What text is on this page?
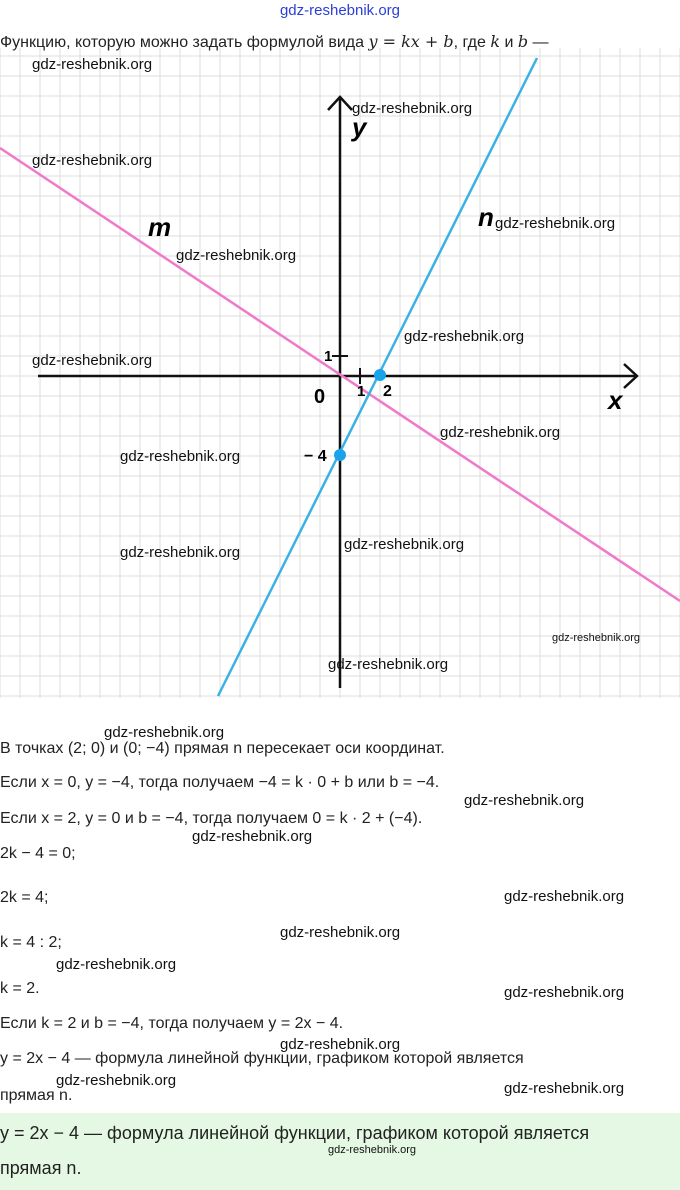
gdz-reshebnik.org
Функцию, которую можно задать формулой вида y = kx + b, где k и b —
y
x
0 1
1
2
− 4
m	n
В точках (2; 0) и (0; −4) прямая n пересекает оси координат.
Если x = 0, y = −4, тогда получаем −4 = k · 0 + b или b = −4.
Если x = 2, y = 0 и b = −4, тогда получаем 0 = k · 2 + (−4).
2k − 4 = 0;
2k = 4;
k = 4 : 2;
k = 2.
Если k = 2 и b = −4, тогда получаем y = 2x − 4.
y = 2x − 4 — формула линейной функции, графиком которой является
прямая n.
y = 2x − 4 — формула линейной функции, графиком которой является
прямая n.
gdz-reshebnik.org
gdz-reshebnik.org
gdz-reshebnik.org
gdz-reshebnik.org
gdz-reshebnik.org
gdz-reshebnik.org
gdz-reshebnik.org
gdz-reshebnik.org
gdz-reshebnik.org
gdz-reshebnik.org
gdz-reshebnik.org
gdz-reshebnik.org
gdz-reshebnik.org
gdz-reshebnik.org
gdz-reshebnik.org
gdz-reshebnik.org
gdz-reshebnik.org
gdz-reshebnik.org
gdz-reshebnik.org
gdz-reshebnik.org
gdz-reshebnik.org
gdz-reshebnik.org	gdz-reshebnik.org
gdz-reshebnik.org
